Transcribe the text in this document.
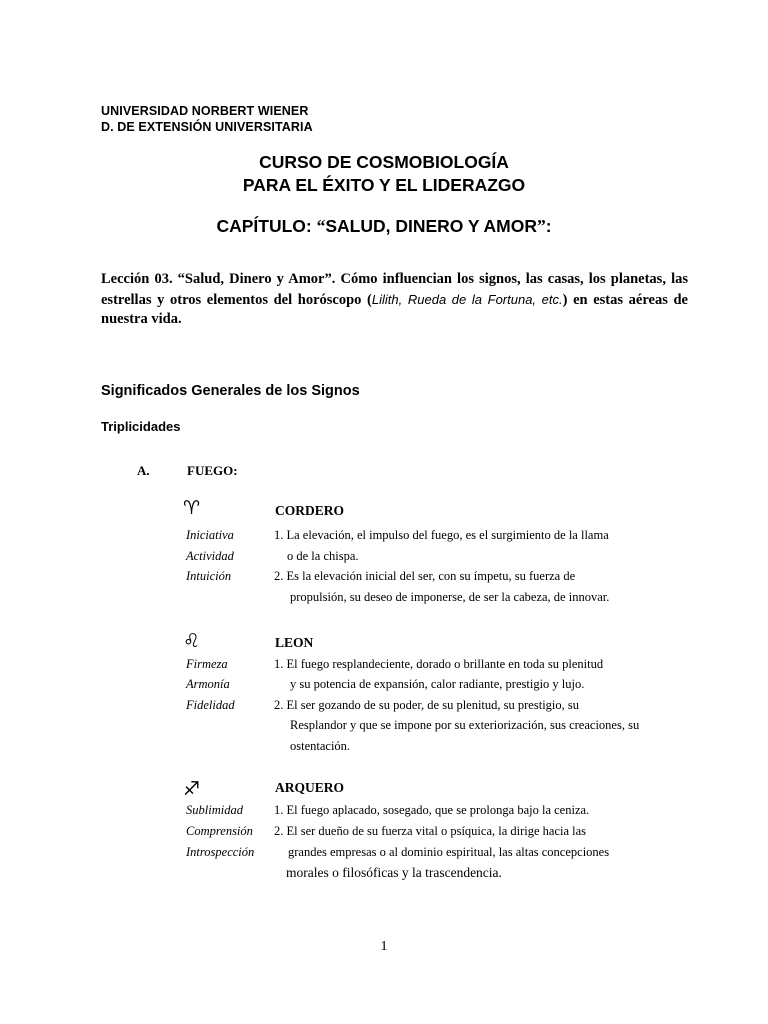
UNIVERSIDAD NORBERT WIENER
D. DE EXTENSIÓN UNIVERSITARIA
CURSO DE COSMOBIOLOGÍA
PARA EL ÉXITO Y EL LIDERAZGO
CAPÍTULO: “SALUD, DINERO Y AMOR”:
Lección 03. “Salud, Dinero y Amor”. Cómo influencian los signos, las casas, los planetas, las estrellas y otros elementos del horóscopo (Lilith, Rueda de la Fortuna, etc.) en estas aéreas de nuestra vida.
Significados Generales de los Signos
Triplicidades
A.	FUEGO:
♈︎	CORDERO
Iniciativa
Actividad
Intuición
1. La elevación, el impulso del fuego, es el surgimiento de la llama
o de la chispa.
2. Es la elevación inicial del ser, con su ímpetu, su fuerza de
propulsión, su deseo de imponerse, de ser la cabeza, de innovar.
♌︎	LEON
Firmeza
Armonía
Fidelidad
1. El fuego resplandeciente, dorado o brillante en toda su plenitud
y su potencia de expansión, calor radiante, prestigio y lujo.
2. El ser gozando de su poder, de su plenitud, su prestigio, su
Resplandor y que se impone por su exteriorización, sus creaciones, su
ostentación.
♐︎	ARQUERO
Sublimidad
Comprensión
Introspección
1. El fuego aplacado, sosegado, que se prolonga bajo la ceniza.
2. El ser dueño de su fuerza vital o psíquica, la dirige hacia las
grandes empresas o al dominio espiritual, las altas concepciones
morales o filosóficas y la trascendencia.
1
